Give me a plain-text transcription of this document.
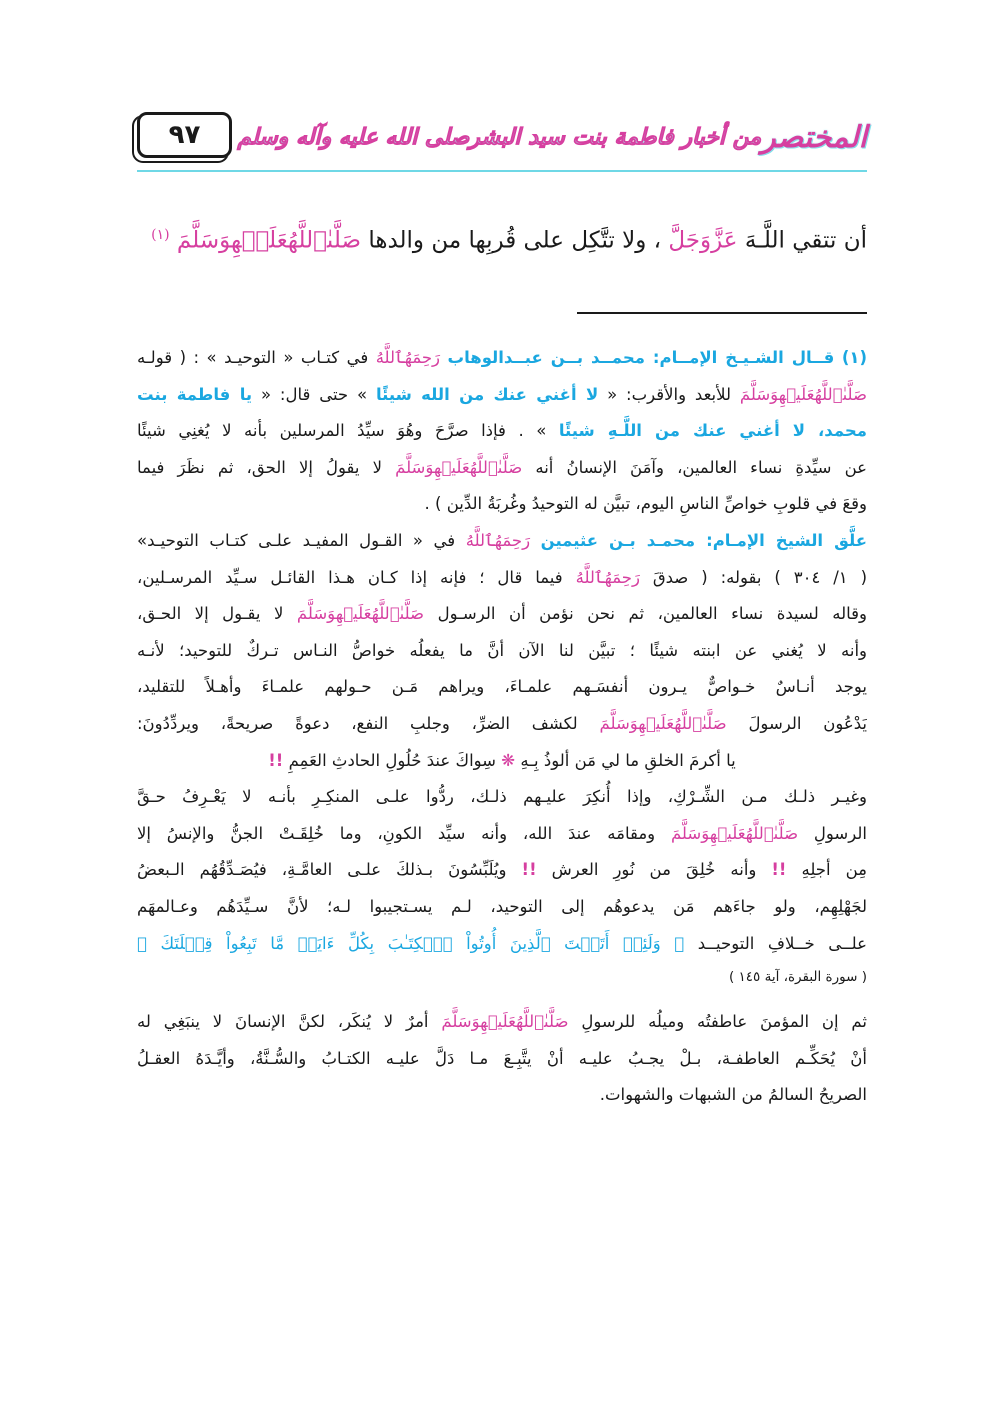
المختصر
من أخبار فاطمة بنت سيد البشر
صلى الله عليه وآله وسلم
٩٧
أن تتقي اللَّـهَ عَزَّوَجَلَّ ، ولا تتَّكِل على قُربِها من والدها صَلَّىٰٱللَّهُعَلَيۡهِوَسَلَّمَ $^{(١)}$
(١) قــال الشـيـخ الإمــام: محمــد بــن عبــدالوهاب رَحِمَهُٱللَّهُ في كتـاب « التوحيـد » : ( قولـه
صَلَّىٰٱللَّهُعَلَيۡهِوَسَلَّمَ للأبعد والأقرب: « لا أغني عنك من الله شيئًا » حتى قال: « يا فاطمة بنت
محمد، لا أغني عنك من اللَّـهِ شيئًا » . فإذا صرَّحَ وهُوَ سيِّدُ المرسلين بأنه لا يُغنِي شيئًا
عن سيِّدةِ نساء العالمين، وآمَنَ الإنسانُ أنه صَلَّىٰٱللَّهُعَلَيۡهِوَسَلَّمَ لا يقولُ إلا الحق، ثم نظَرَ فيما
وقعَ في قلوبِ خواصِّ الناسِ اليوم، تبيَّن له التوحيدُ وغُربَةُ الدِّين ) .
علَّق الشيخ الإمـام: محمـد بـن عثيمين رَحِمَهُٱللَّهُ في « القـول المفيـد علـى كتـاب التوحيـد»
( ١/ ٣٠٤ ) بقوله: ( صدقَ رَحِمَهُٱللَّهُ فيما قال ؛ فإنه إذا كـان هـذا القائـل سـيِّد المرسـلين،
وقاله لسيدة نساء العالمين، ثم نحن نؤمن أن الرسـول صَلَّىٰٱللَّهُعَلَيۡهِوَسَلَّمَ لا يقـول إلا الحـق،
وأنه لا يُغني عن ابنته شيئًا ؛ تبيَّن لنا الآن أنَّ ما يفعلُه خواصُّ النـاس تـركٌ للتوحيد؛ لأنـه
يوجد أنـاسٌ خـواصٌّ يـرون أنفسَـهم علمـاءَ، ويراهم مَـن حـولهم علمـاءَ وأهـلاً للتقليد،
يَدْعُون الرسولَ صَلَّىٰٱللَّهُعَلَيۡهِوَسَلَّمَ لكشف الضرِّ، وجلبِ النفع، دعوةً صريحةً، ويردِّدُونَ:
يا أكرمَ الخلقِ ما لي مَن ألوذُ بِـهِ ❋ سِواكَ عندَ حُلُولِ الحادثِ العَمِمِ !!
وغيـر ذلـك مـن الشِّـرْكِ، وإذا أُنكِرَ عليـهم ذلـك، ردُّوا علـى المنكِـرِ بأنـه لا يَعْـرِفُ حـقَّ
الرسولِ صَلَّىٰٱللَّهُعَلَيۡهِوَسَلَّمَ ومقامَه عندَ الله، وأنه سيِّد الكونِ، وما خُلِقَـتْ الجنُّ والإنسُ إلا
مِن أجلِهِ !! وأنه خُلِقَ من نُورِ العرش !! ويُلَبِّسُونَ بـذلكَ علـى العامَّـةِ، فيُصَـدِّقُهُم الـبعضُ
لجَهْلِهِم، ولو جاءَهم مَن يدعوهُم إلى التوحيد، لـم يسـتجيبوا لـه؛ لأنَّ سـيِّدَهُم وعـالمهَم
علــى خــلافِ التوحيــد ﴿ وَلَئِنۡ أَتَيۡتَ ٱلَّذِينَ أُوتُواْ ٱلۡكِتَـٰبَ بِكُلِّ ءَايَةٖ مَّا تَبِعُواْ قِبۡلَتَكَ ﴾
( سورة البقرة، آية ١٤٥ )
ثم إن المؤمنَ عاطفتُه وميلُه للرسولِ صَلَّىٰٱللَّهُعَلَيۡهِوَسَلَّمَ أمرٌ لا يُنكَر، لكنَّ الإنسانَ لا ينبَغِي له
أنْ يُحَكِّـم العاطفـة، بـلْ يجـبُ عليـه أنْ يتَّبِـعَ مـا دَلَّ عليـه الكتـابُ والسُّـنَّةُ، وأيَّـدَهُ العقـلُ
الصريحُ السالمُ من الشبهات والشهوات.
